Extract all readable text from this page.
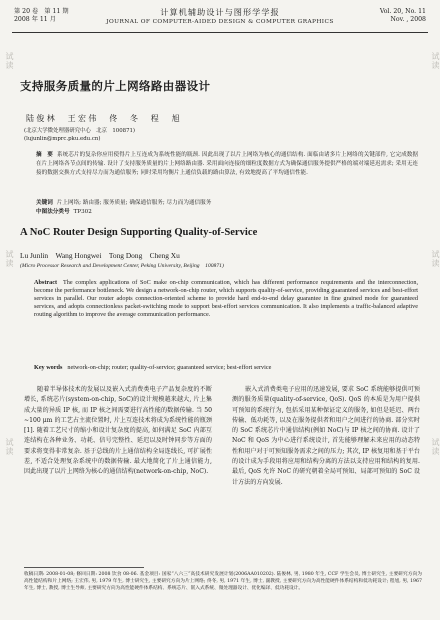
第 20 卷　第 11 期
2008 年 11 月
计算机辅助设计与图形学学报
JOURNAL OF COMPUTER-AIDED DESIGN & COMPUTER GRAPHICS
Vol. 20, No. 11
Nov. , 2008
支持服务质量的片上网络路由器设计
陆俊林　王宏伟　佟　冬　程　旭
(北京大学微处理器研究中心　北京　100871)
(lujunlin@mprc.pku.edu.cn)
摘　要 系统芯片的复杂你应用使得片上互连成为系统性能的瓶颈. 因此出现了以片上网络为核心的通信结构. 面临由诸多片上网络的关键部件, 它完成数据在片上网络各节点间的传输. 设计了支持服务质量的片上网络路由器. 采用面向连接的细粒度数据方式为确保通信服务提供严格的端对端延迟需求; 采用无连接的数据交换方式支持尽力而为通信服务; 同时采用均衡片上通信负载的路由算法, 有效地提高了平均通信性能.
关键词 片上网络; 路由器; 服务质量; 确保通信服务; 尽力而为通信服务
中图法分类号 TP302
A NoC Router Design Supporting Quality-of-Service
Lu Junlin　Wang Hongwei　Tong Dong　Cheng Xu
(Micro Processor Research and Development Center, Peking University, Beijing　100871)
Abstract The complex applications of SoC make on-chip communication, which has different performance requirements and the interconnection, become the performance bottleneck. We design a network-on-chip router, which supports quality-of-service, providing guaranteed services and best-effort services in parallel. Our router adopts connection-oriented scheme to provide hard end-to-end delay guarantee in fine grained mode for guaranteed services, and adopts connectionless packet-switching mode to support best-effort services communication. It also implements a traffic-balanced adaptive routing algorithm to improve the average communication performance.
Key words network-on-chip; router; quality-of-service; guaranteed service; best-effort service
随着半导体技术的发展以及嵌入式消费类电子产品复杂度的不断增长, 系统芯片(system-on-chip, SoC)的设计规模越来越大, 片上集成大量的异质 IP 核, 而 IP 核之间需要进行高性能的数据传输. 当 50 ~100 μm 的工艺占主流位置时, 片上互连技术将成为系统性能的瓶颈[1]. 随着工艺尺寸的缩小和设计复杂度的提高, 如何满足 SoC 内部互连结构在各种业务、功耗、信号完整性、延迟以及时钟同步等方面的要求将变得非常复杂. 基于总线的片上通信结构全局连线长, 可扩展性差, 不适合处理复杂系统中的数据传输. 最大地简化了片上通信能力, 因此出现了以片上网络为核心的通信结构(network-on-chip, NoC).
嵌入式消费类电子应用的迅速发展, 要求 SoC 系统能够提供可预测的服务质量(quality-of-service, QoS). QoS 的本质是为用户提供可预知的系统行为, 包括采用某种保证定义的服务, 如但是延迟、两台传输、低功耗等, 以及在服务提供者和用户之间进行的协商. 部分实时的 SoC 系统芯片中通信结构(例如 NoC)与 IP 核之间的协商. 设计了 NoC 和 QoS 为中心进行系统设计, 首先能够理解未来应用的动态特性和用户对于可预知服务需求之间的压力; 其次, IP 核复用和基于平台的设计成为手段用将应用和结构分离的方法以支持应用和结构的复用. 最后, QoS 允许 NoC 的研究朝着全局可预知、局部可预知的 SoC 设计方法的方向发展.
收稿日期: 2008-01-08; 修回日期: 2008 饮食 08-06. 基金项目: 国家“八六三”高技术研究发展计划(2006AA010202). 陆俊林, 男, 1980 年生, CCF 学生会员, 博士研究生, 主要研究方向为高性能结构和片上网络; 王宏伟, 男, 1979 年生, 博士研究生, 主要研究方向为片上网络; 佟冬, 男, 1971 年生, 博士, 副教授, 主要研究方向为高性能硬件体系结构和低功耗设计; 程旭, 男, 1967 年生, 博士, 教授, 博士生导师, 主要研究方向为高性能硬件体系结构、系统芯片、嵌入式系统、微处理器设计、优化编译、低功耗设计。
试读
试读
试读
试读
试读
试读
